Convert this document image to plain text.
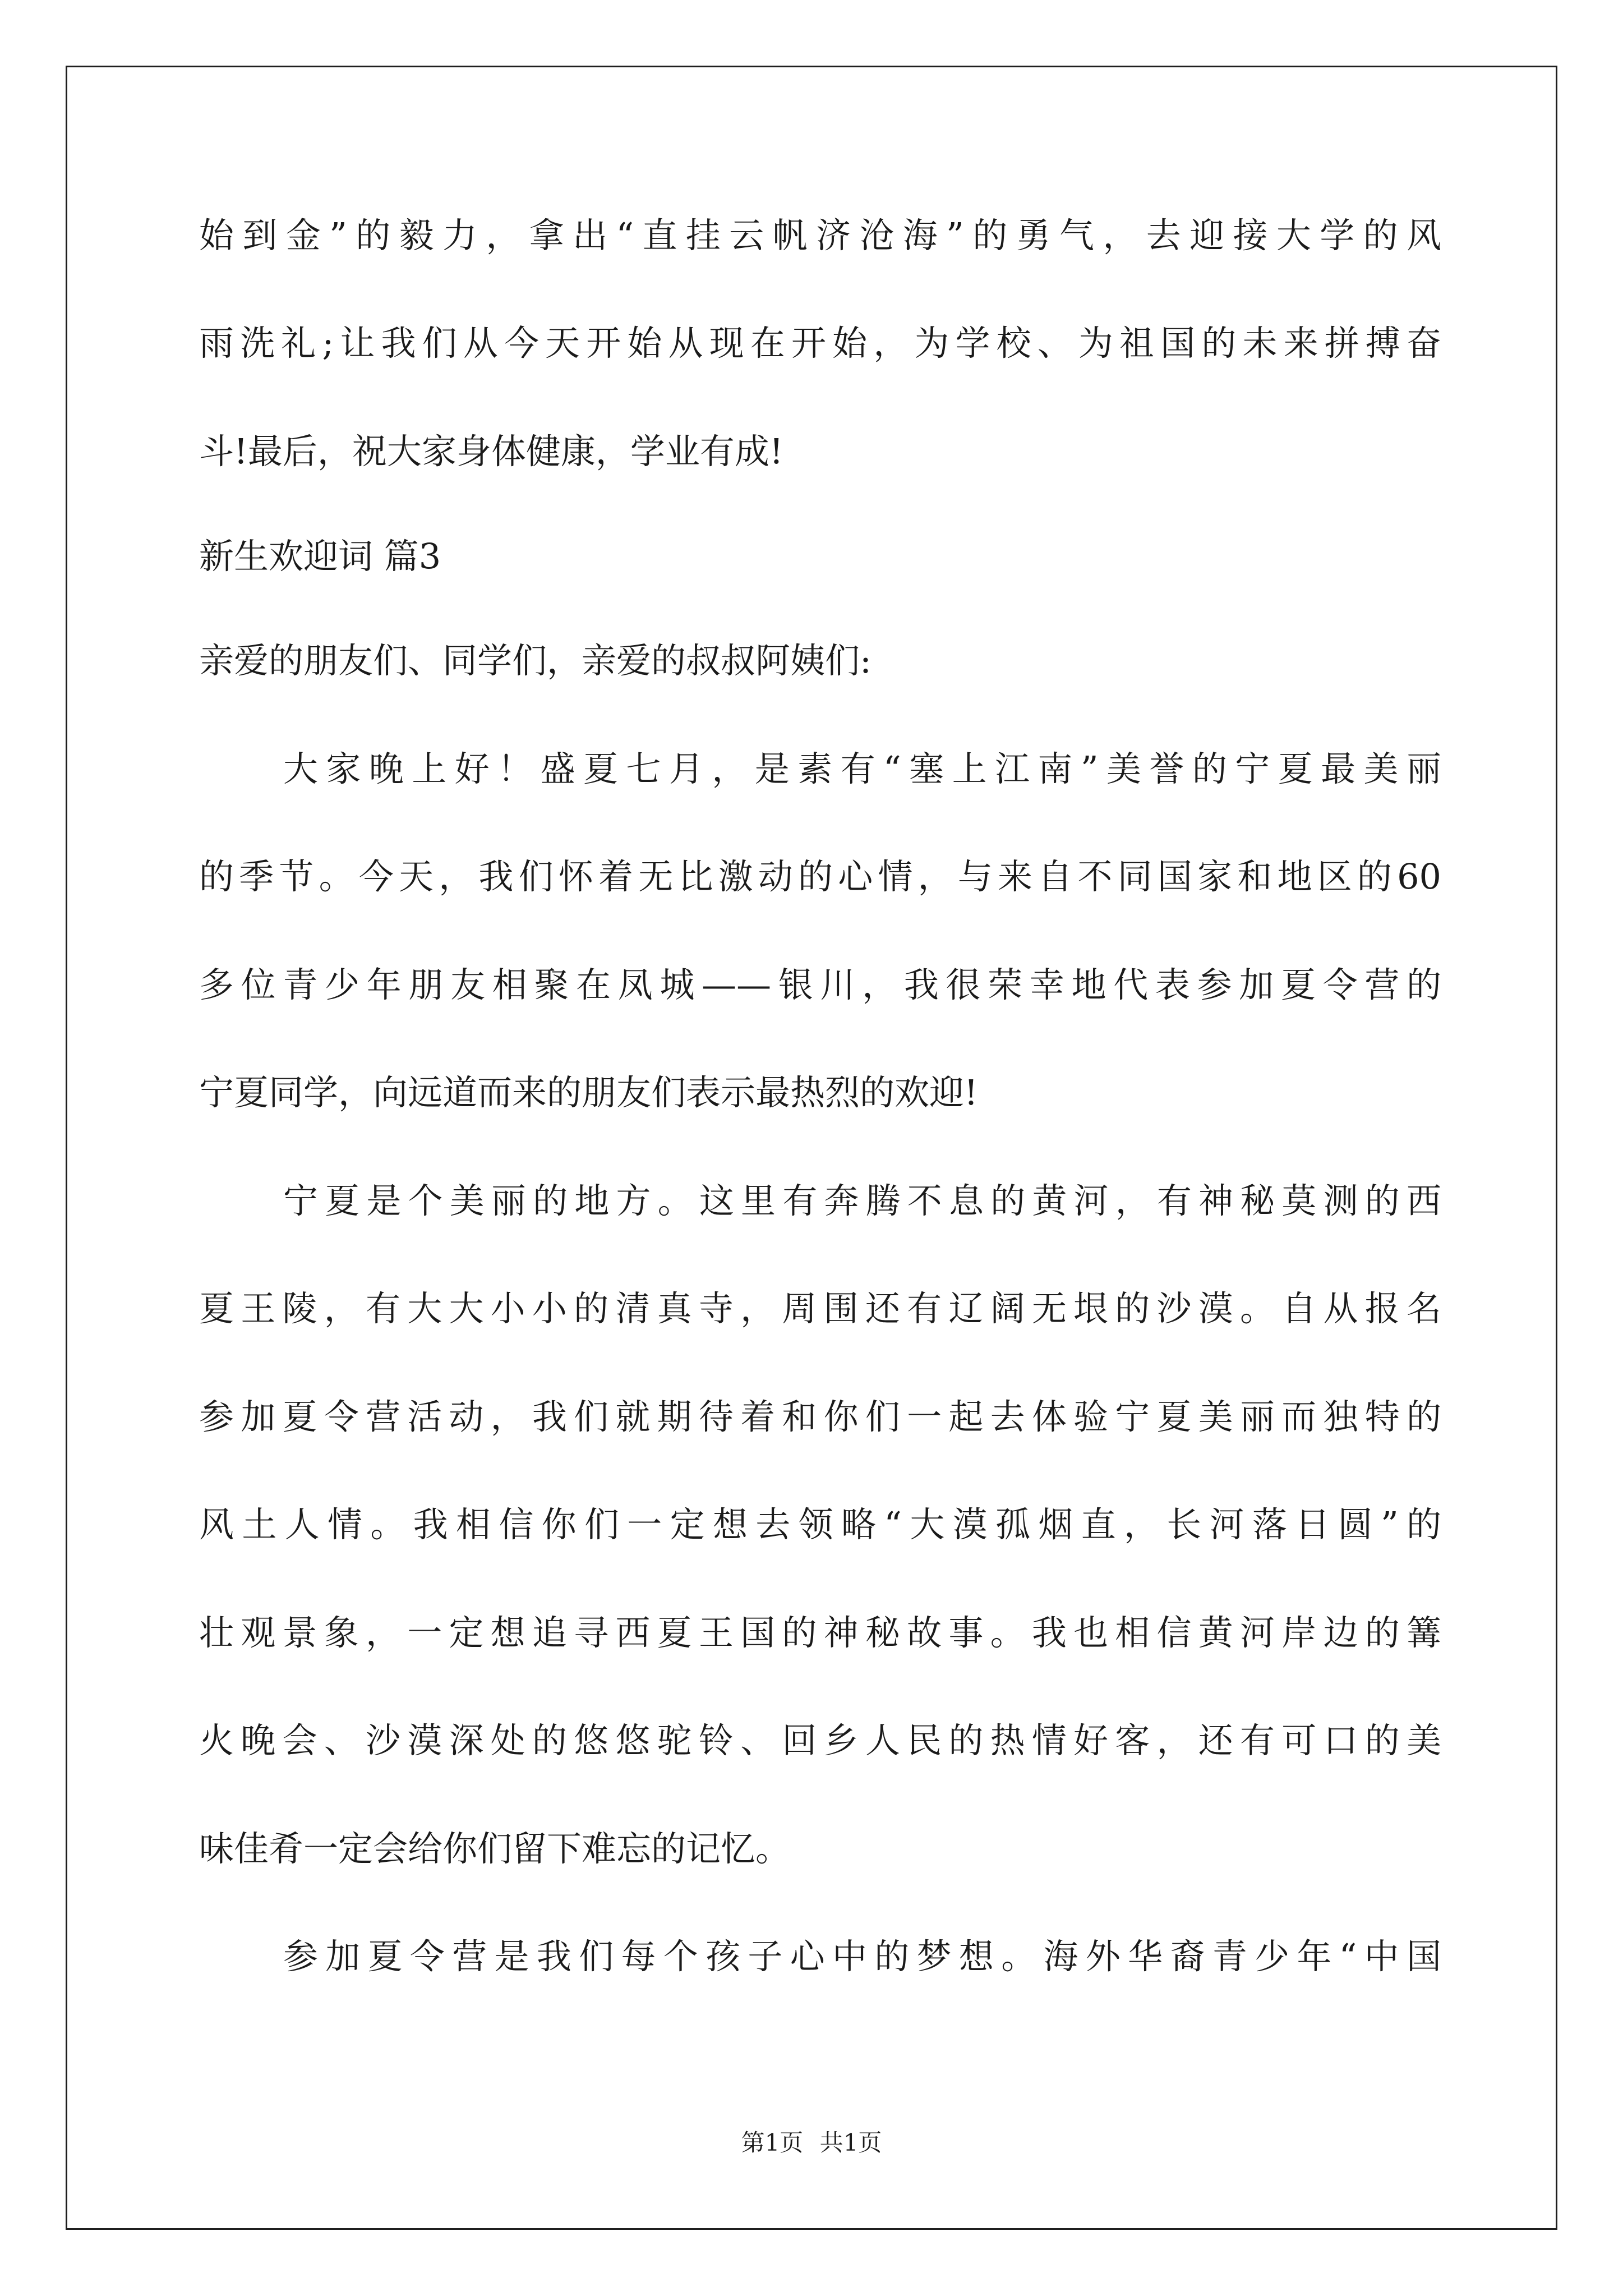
始到金”的毅力，拿出“直挂云帆济沧海”的勇气，去迎接大学的风
雨洗礼;让我们从今天开始从现在开始，为学校、为祖国的未来拼搏奋
斗!最后，祝大家身体健康，学业有成!
新生欢迎词 篇3
亲爱的朋友们、同学们，亲爱的叔叔阿姨们:
大家晚上好！盛夏七月，是素有“塞上江南”美誉的宁夏最美丽
的季节。今天，我们怀着无比激动的心情，与来自不同国家和地区的60
多位青少年朋友相聚在凤城——银川，我很荣幸地代表参加夏令营的
宁夏同学，向远道而来的朋友们表示最热烈的欢迎!
宁夏是个美丽的地方。这里有奔腾不息的黄河，有神秘莫测的西
夏王陵，有大大小小的清真寺，周围还有辽阔无垠的沙漠。自从报名
参加夏令营活动，我们就期待着和你们一起去体验宁夏美丽而独特的
风土人情。我相信你们一定想去领略“大漠孤烟直，长河落日圆”的
壮观景象，一定想追寻西夏王国的神秘故事。我也相信黄河岸边的篝
火晚会、沙漠深处的悠悠驼铃、回乡人民的热情好客，还有可口的美
味佳肴一定会给你们留下难忘的记忆。
参加夏令营是我们每个孩子心中的梦想。海外华裔青少年“中国
第1页 共1页
